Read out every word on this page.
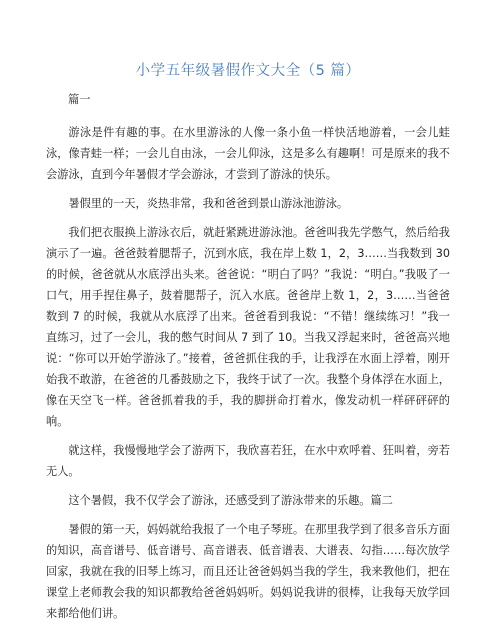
小学五年级暑假作文大全（5 篇）
篇一

游泳是件有趣的事。在水里游泳的人像一条小鱼一样快活地游着，一会儿蛙泳，像青蛙一样；一会儿自由泳，一会儿仰泳，这是多么有趣啊！可是原来的我不会游泳，直到今年暑假才学会游泳，才尝到了游泳的快乐。

暑假里的一天，炎热非常，我和爸爸到景山游泳池游泳。

我们把衣服换上游泳衣后，就赶紧跳进游泳池。爸爸叫我先学憋气，然后给我演示了一遍。爸爸鼓着腮帮子，沉到水底，我在岸上数 1，2，3……当我数到 30 的时候，爸爸就从水底浮出头来。爸爸说：“明白了吗？”我说：“明白。”我吸了一口气，用手捏住鼻子，鼓着腮帮子，沉入水底。爸爸岸上数 1，2，3……当爸爸数到 7 的时候，我就从水底浮了出来。爸爸看到我说：“不错！继续练习！”我一直练习，过了一会儿，我的憋气时间从 7 到了 10。当我又浮起来时，爸爸高兴地说：“你可以开始学游泳了。”接着，爸爸抓住我的手，让我浮在水面上浮着，刚开始我不敢游，在爸爸的几番鼓励之下，我终于试了一次。我整个身体浮在水面上，像在天空飞一样。爸爸抓着我的手，我的脚拼命打着水，像发动机一样砰砰砰的响。

就这样，我慢慢地学会了游两下，我欣喜若狂，在水中欢呼着、狂叫着，旁若无人。

这个暑假，我不仅学会了游泳，还感受到了游泳带来的乐趣。篇二

暑假的第一天，妈妈就给我报了一个电子琴班。在那里我学到了很多音乐方面的知识，高音谱号、低音谱号、高音谱表、低音谱表、大谱表、勾指……每次放学回家，我就在我的旧琴上练习，而且还让爸爸妈妈当我的学生，我来教他们，把在课堂上老师教会我的知识都教给爸爸妈妈听。妈妈说我讲的很棒，让我每天放学回来都给他们讲。
